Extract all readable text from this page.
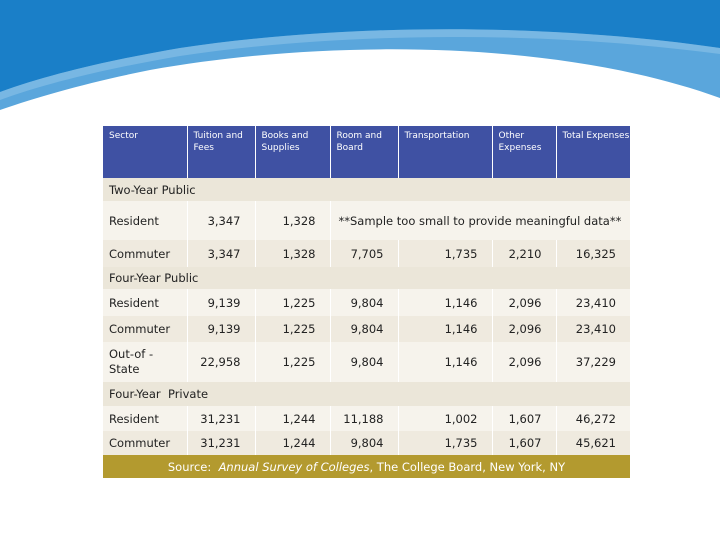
Sector	Tuition and Fees	Books and Supplies	Room and Board	Transportation	Other Expenses	Total Expenses
Two-Year Public						
Resident	3,347	1,328	**Sample too small to provide meaningful data**			
Commuter	3,347	1,328	7,705	1,735	2,210	16,325
Four-Year Public						
Resident	9,139	1,225	9,804	1,146	2,096	23,410
Commuter	9,139	1,225	9,804	1,146	2,096	23,410
Out-of - State	22,958	1,225	9,804	1,146	2,096	37,229
Four-Year  Private						
Resident	31,231	1,244	11,188	1,002	1,607	46,272
Commuter	31,231	1,244	9,804	1,735	1,607	45,621
Source:  Annual Survey of Colleges, The College Board, New York, NY						
